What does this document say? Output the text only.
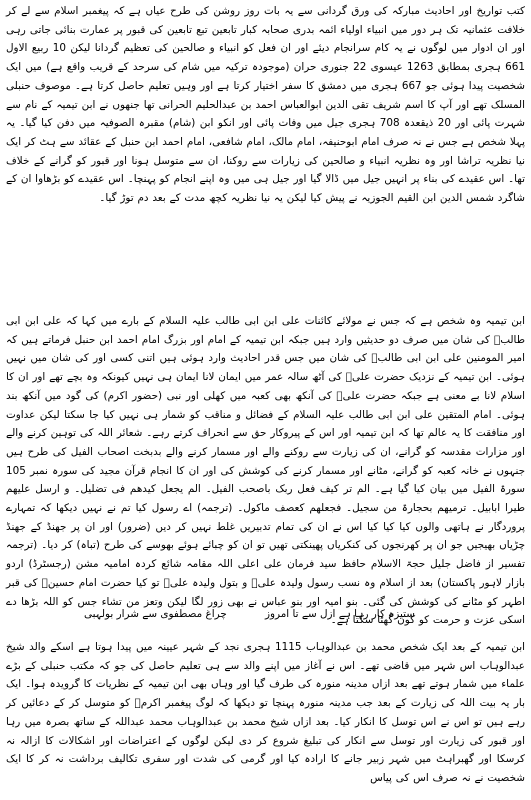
کتب تواریخ اور احادیث مبارکہ کی ورق گردانی سے یہ بات روز روشن کی طرح عیاں ہے کہ پیغمبر اسلام سے لے کر خلافت عثمانیہ تک ہر دور میں انبیاء اولیاء ائمہ بدری صحابہ کبار تابعین تبع تابعین کی قبور پر عمارت بنائی جاتی رہی اور ان ادوار میں لوگوں نے یہ کام سرانجام دیئے اور ان فعل کو انبیاء و صالحین کی تعظیم گردانا لیکن 10 ربیع الاول 661 ہجری بمطابق 1263 عیسوی 22 جنوری حران (موجودہ ترکیہ میں شام کی سرحد کے قریب واقع ہے) میں ایک شخصیت پیدا ہوئی جو 667 ہجری میں دمشق کا سفر اختیار کرتا ہے اور وہیں تعلیم حاصل کرتا ہے۔ موصوف حنبلی المسلک تھے اور آپ کا اسم شریف تقی الدین ابوالعباس احمد بن عبدالحلیم الحرانی تھا جنھوں نے ابن تیمیہ کے نام سے شہرت پائی اور 20 ذیقعدہ 708 ہجری جیل میں وفات پائی اور انکو ابن (شام) مقبرہ الصوفیہ میں دفن کیا گیا۔ یہ پہلا شخص ہے جس نے نہ صرف امام ابوحنیفہ، امام مالک، امام شافعی، امام احمد ابن حنبل کے عقائد سے ہٹ کر ایک نیا نظریہ تراشا اور وہ نظریہ انبیاء و صالحین کی زیارات سے روکنا، ان سے متوسل ہونا اور قبور کو گرانے کے خلاف تھا۔ اس عقیدے کی بناء پر انہیں جیل میں ڈالا گیا اور جیل ہی میں وہ اپنے انجام کو پہنچا۔ اس عقیدے کو بڑھاوا ان کے شاگرد شمس الدین ابن القیم الجوزیہ نے پیش کیا لیکن یہ نیا نظریہ کچھ مدت کے بعد دم توڑ گیا۔

ابن تیمیہ وہ شخص ہے کہ جس نے مولائے کائنات علی ابن ابی طالب علیہ السلام کے بارے میں کہا کہ علی ابن ابی طالبؑ کی شان میں صرف دو حدیثیں وارد ہیں جبکہ ابن تیمیہ کے امام اور بزرگ امام احمد ابن حنبل فرماتے ہیں کہ امیر المومنین علی ابن ابی طالبؑ کی شان میں جس قدر احادیث وارد ہوئی ہیں اتنی کسی اور کی شان میں نہیں ہوئی۔ ابن تیمیہ کے نزدیک حضرت علیؑ کی آٹھ سالہ عمر میں ایمان لانا ایمان ہی نہیں کیونکہ وہ بچے تھے اور ان کا اسلام لانا بے معنی ہے جبکہ حضرت علیؑ کی آنکھ بھی کعبہ میں کھلی اور نبی (حضور اکرم) کی گود میں آنکھ بند ہوئی۔ امام المتقین علی ابن ابی طالب علیہ السلام کے فضائل و مناقب کو شمار ہی نہیں کیا جا سکتا لیکن عداوت اور منافقت کا یہ عالم تھا کہ ابن تیمیہ اور اس کے پیروکار حق سے انحراف کرتے رہے۔ شعائر اللہ کی توہین کرنے والے اور مزارات مقدسہ کو گرانے، ان کی زیارت سے روکنے والے اور مسمار کرنے والے بدبخت اصحاب الفیل کی طرح ہیں جنہوں نے خانہ کعبہ کو گرانے، مٹانے اور مسمار کرنے کی کوشش کی اور ان کا انجام قرآن مجید کی سورہ نمبر 105 سورۃ الفیل میں بیان کیا گیا ہے۔ الم تر کیف فعل ربک باصحب الفیل۔ الم یجعل کیدھم فی تضلیل۔ و ارسل علیھم طیرا ابابیل۔ ترمیھم بحجارۃ من سجیل۔ فجعلھم کعصف ماکول۔ (ترجمہ) اے رسول کیا تم نے نہیں دیکھا کہ تمہارے پروردگار نے ہاتھی والوں کیا کیا کیا اس نے ان کی تمام تدبیریں غلط نہیں کر دیں (ضرور) اور ان پر جھنڈ کے جھنڈ چڑیاں بھیجیں جو ان پر کھرنجوں کی کنکریاں پھینکتی تھیں تو ان کو چبائے ہوئے بھوسے کی طرح (تباہ) کر دیا۔ (ترجمہ تفسیر از فاضل جلیل حجۃ الاسلام حافظ سید فرمان علی اعلی اللہ مقامہ شائع کردہ امامیہ مشن (رجسٹرڈ) اردو بازار لاہور پاکستان) بعد از اسلام وہ نسب رسول ولیدہ علیؑ و بتول ولیدہ علیؑ تو کیا حضرت امام حسینؑ کی قبر اطہر کو مٹانے کی کوشش کی گئی۔ بنو امیہ اور بنو عباس نے بھی زور لگا لیکن وتعز من تشاء جس کو اللہ بڑھا دے اسکی عزت و حرمت کو کون گھٹا سکتا ہے۔

ستیزہ کار رہا ہے ازل سے تا امروز
چراغ مصطفوی سے شرار بولہبی

ابن تیمیہ کے بعد ایک شخص محمد بن عبدالوہاب 1115 ہجری نجد کے شہر عیینہ میں پیدا ہوتا ہے اسکے والد شیخ عبدالوہاب اس شہر میں قاضی تھے۔ اس نے آغاز میں اپنے والد سے ہی تعلیم حاصل کی جو کہ مکتب حنبلی کے بڑے علماء میں شمار ہوتے تھے بعد ازاں مدینہ منورہ کی طرف گیا اور وہاں بھی ابن تیمیہ کے نظریات کا گرویدہ ہوا۔ ایک بار یہ بیت اللہ کی زیارت کے بعد جب مدینہ منورہ پہنچا تو دیکھا کہ لوگ پیغمبر اکرمؐ کو متوسل کر کے دعائیں کر رہے ہیں تو اس نے اس توسل کا انکار کیا۔ بعد ازاں شیخ محمد بن عبدالوہاب محمد عبداللہ کے ساتھ بصرہ میں رہا اور قبور کی زیارت اور توسل سے انکار کی تبلیغ شروع کر دی لیکن لوگوں کے اعتراضات اور اشکالات کا ازالہ نہ کرسکا اور گھبراہٹ میں شہر زبیر جانے کا ارادہ کیا اور گرمی کی شدت اور سفری تکالیف برداشت نہ کر کا ایک شخصیت نے نہ صرف اس کی پیاس
